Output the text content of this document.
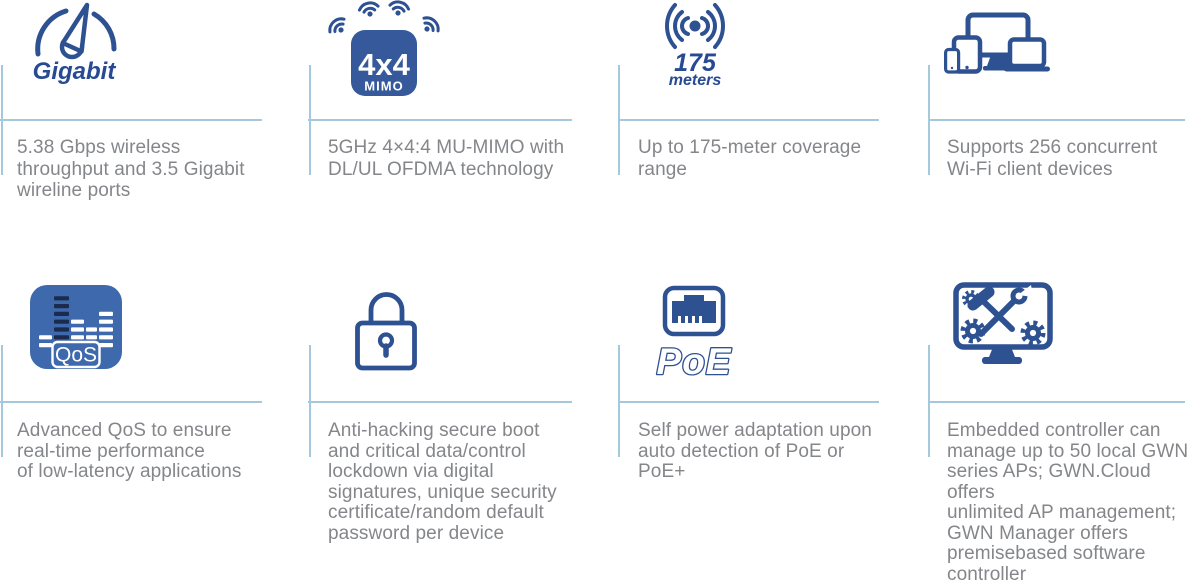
Gigabit
5.38 Gbps wireless
throughput and 3.5 Gigabit
wireline ports
4x4
MIMO
5GHz 4×4:4 MU-MIMO with
DL/UL OFDMA technology
175
meters
Up to 175-meter coverage
range
Supports 256 concurrent
Wi-Fi client devices
QoS
Advanced QoS to ensure
real-time performance
of low-latency applications
Anti-hacking secure boot
and critical data/control
lockdown via digital
signatures, unique security
certificate/random default
password per device
PoE
Self power adaptation upon
auto detection of PoE or
PoE+
Embedded controller can
manage up to 50 local GWN
series APs; GWN.Cloud offers
unlimited AP management;
GWN Manager offers
premisebased software
controller
